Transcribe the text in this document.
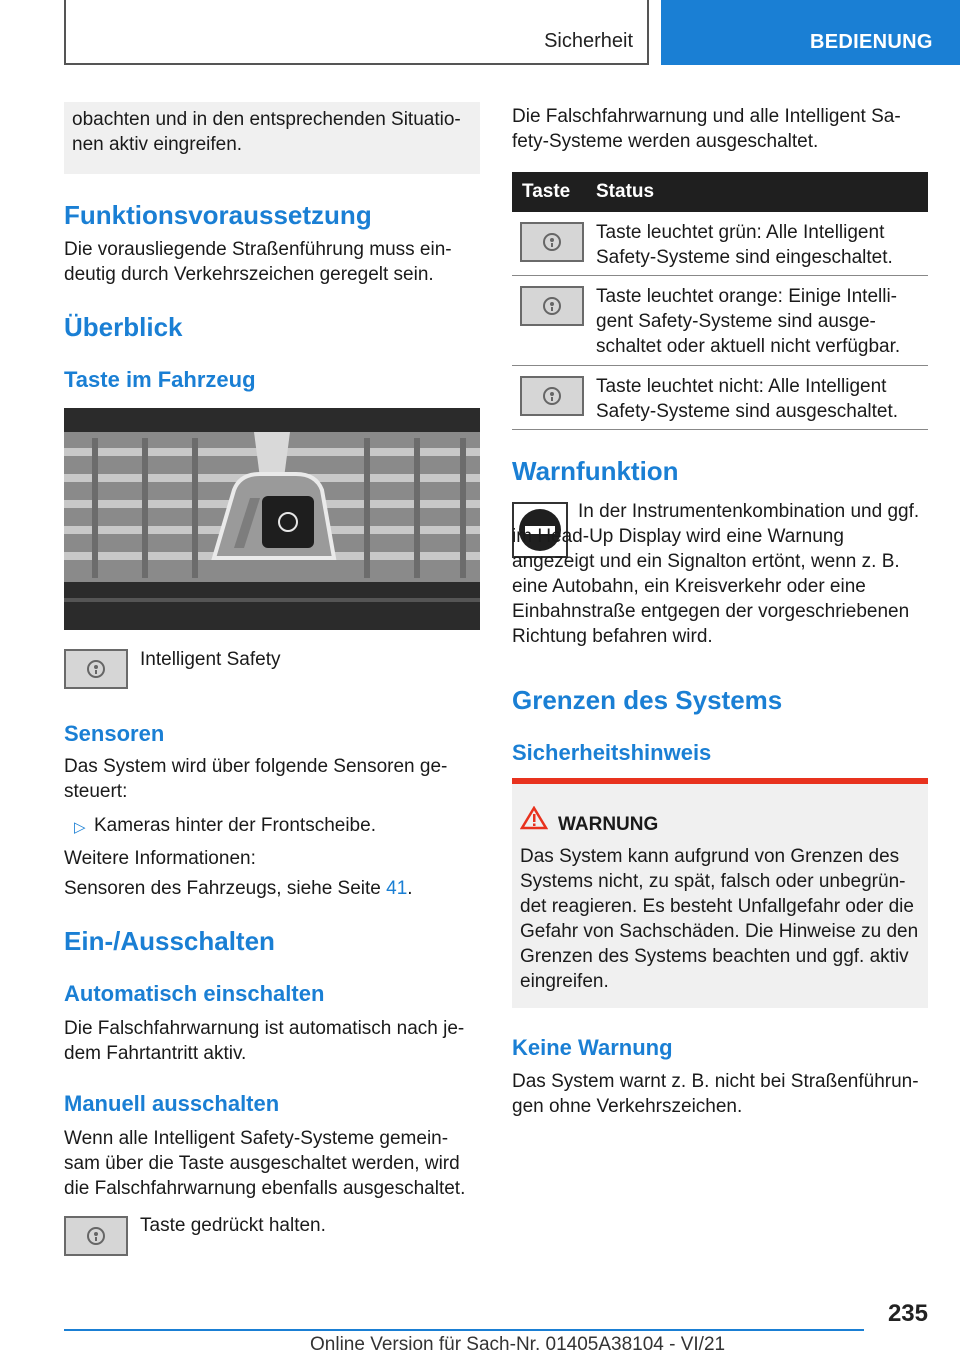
Sicherheit	BEDIENUNG

obachten und in den entsprechenden Situatio-nen aktiv eingreifen.

Funktionsvoraussetzung

Die vorausliegende Straßenführung muss ein-deutig durch Verkehrszeichen geregelt sein.

Überblick
Taste im Fahrzeug

Intelligent Safety

Sensoren

Das System wird über folgende Sensoren ge-steuert:

▷ Kameras hinter der Frontscheibe.

Weitere Informationen:

Sensoren des Fahrzeugs, siehe Seite 41.

Ein-/Ausschalten
Automatisch einschalten

Die Falschfahrwarnung ist automatisch nach je-dem Fahrtantritt aktiv.

Manuell ausschalten

Wenn alle Intelligent Safety-Systeme gemein-sam über die Taste ausgeschaltet werden, wird die Falschfahrwarnung ebenfalls ausgeschaltet.

Taste gedrückt halten.

Die Falschfahrwarnung und alle Intelligent Sa-fety-Systeme werden ausgeschaltet.

Taste Status
Taste leuchtet grün: Alle Intelligent Safety-Systeme sind eingeschaltet.
Taste leuchtet orange: Einige Intelli-gent Safety-Systeme sind ausge-schaltet oder aktuell nicht verfügbar.
Taste leuchtet nicht: Alle Intelligent Safety-Systeme sind ausgeschaltet.
Warnfunktion

In der Instrumentenkombination und ggf. im Head-Up Display wird eine Warnung angezeigt und ein Signalton ertönt, wenn z. B. eine Autobahn, ein Kreisverkehr oder eine Einbahnstraße entgegen der vorgeschriebenen Richtung befahren wird.

Grenzen des Systems
Sicherheitshinweis
WARNUNG

Das System kann aufgrund von Grenzen des Systems nicht, zu spät, falsch oder unbegrün-det reagieren. Es besteht Unfallgefahr oder die Gefahr von Sachschäden. Die Hinweise zu den Grenzen des Systems beachten und ggf. aktiv eingreifen.

Keine Warnung

Das System warnt z. B. nicht bei Straßenführun-gen ohne Verkehrszeichen.

235
Online Version für Sach-Nr. 01405A38104 - VI/21
